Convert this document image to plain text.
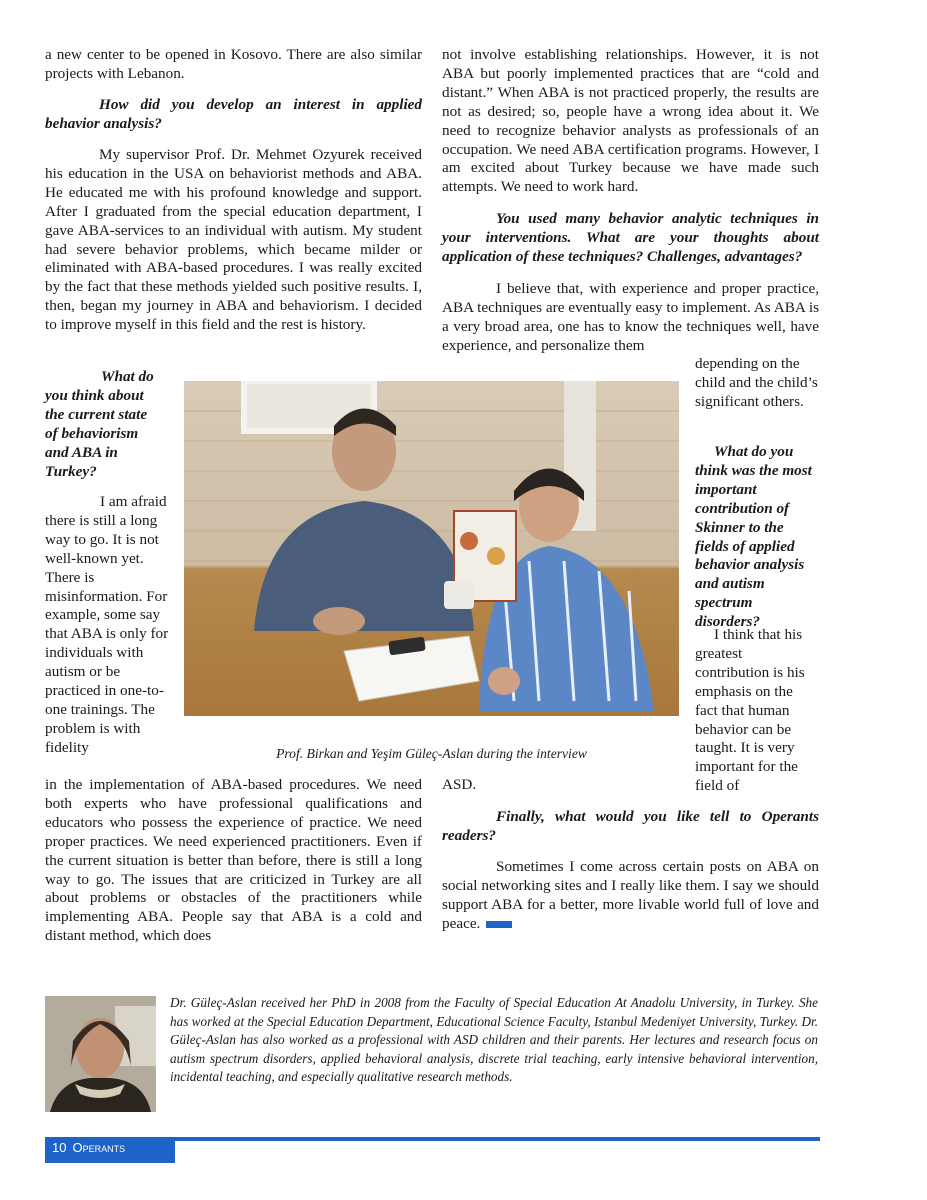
a new center to be opened in Kosovo. There are also similar projects with Lebanon.

How did you develop an interest in applied behavior analysis?

My supervisor Prof. Dr. Mehmet Ozyurek received his education in the USA on behaviorist methods and ABA. He educated me with his profound knowledge and support. After I graduated from the special education department, I gave ABA-services to an individual with autism. My student had severe behavior problems, which became milder or eliminated with ABA-based procedures. I was really excited by the fact that these methods yielded such positive results. I, then, began my journey in ABA and behaviorism. I decided to improve myself in this field and the rest is history.

What do you think about the current state of behaviorism and ABA in Turkey?

I am afraid there is still a long way to go. It is not well-known yet. There is misinformation. For example, some say that ABA is only for individuals with autism or be practiced in one-to-one trainings. The problem is with fidelity

in the implementation of ABA-based procedures. We need both experts who have professional qualifications and educators who possess the experience of practice. We need proper practices. We need experienced practitioners. Even if the current situation is better than before, there is still a long way to go. The issues that are criticized in Turkey are all about problems or obstacles of the practitioners while implementing ABA. People say that ABA is a cold and distant method, which does

not involve establishing relationships. However, it is not ABA but poorly implemented practices that are “cold and distant.” When ABA is not practiced properly, the results are not as desired; so, people have a wrong idea about it. We need to recognize behavior analysts as professionals of an occupation. We need ABA certification programs. However, I am excited about Turkey because we have made such attempts. We need to work hard.

You used many behavior analytic techniques in your interventions. What are your thoughts about application of these techniques? Challenges, advantages?

I believe that, with experience and proper practice, ABA techniques are eventually easy to implement. As ABA is a very broad area, one has to know the techniques well, have experience, and personalize them

depending on the child and the child’s significant others.

What do you think was the most important contribution of Skinner to the fields of applied behavior analysis and autism spectrum disorders?

I think that his greatest contribution is his emphasis on the fact that human behavior can be taught. It is very important for the field of

ASD.

Finally, what would you like tell to Operants readers?

Sometimes I come across certain posts on ABA on social networking sites and I really like them. I say we should support ABA for a better, more livable world full of love and peace.

Prof. Birkan and Yeşim Güleç-Aslan during the interview

Dr. Güleç-Aslan received her PhD in 2008 from the Faculty of Special Education At Anadolu University, in Turkey. She has worked at the Special Education Department, Educational Science Faculty, Istanbul Medeniyet University, Turkey. Dr. Güleç-Aslan has also worked as a professional with ASD children and their parents. Her lectures and research focus on autism spectrum disorders, applied behavioral analysis, discrete trial teaching, early intensive behavioral intervention, incidental teaching, and especially qualitative research methods.

10 Operants
